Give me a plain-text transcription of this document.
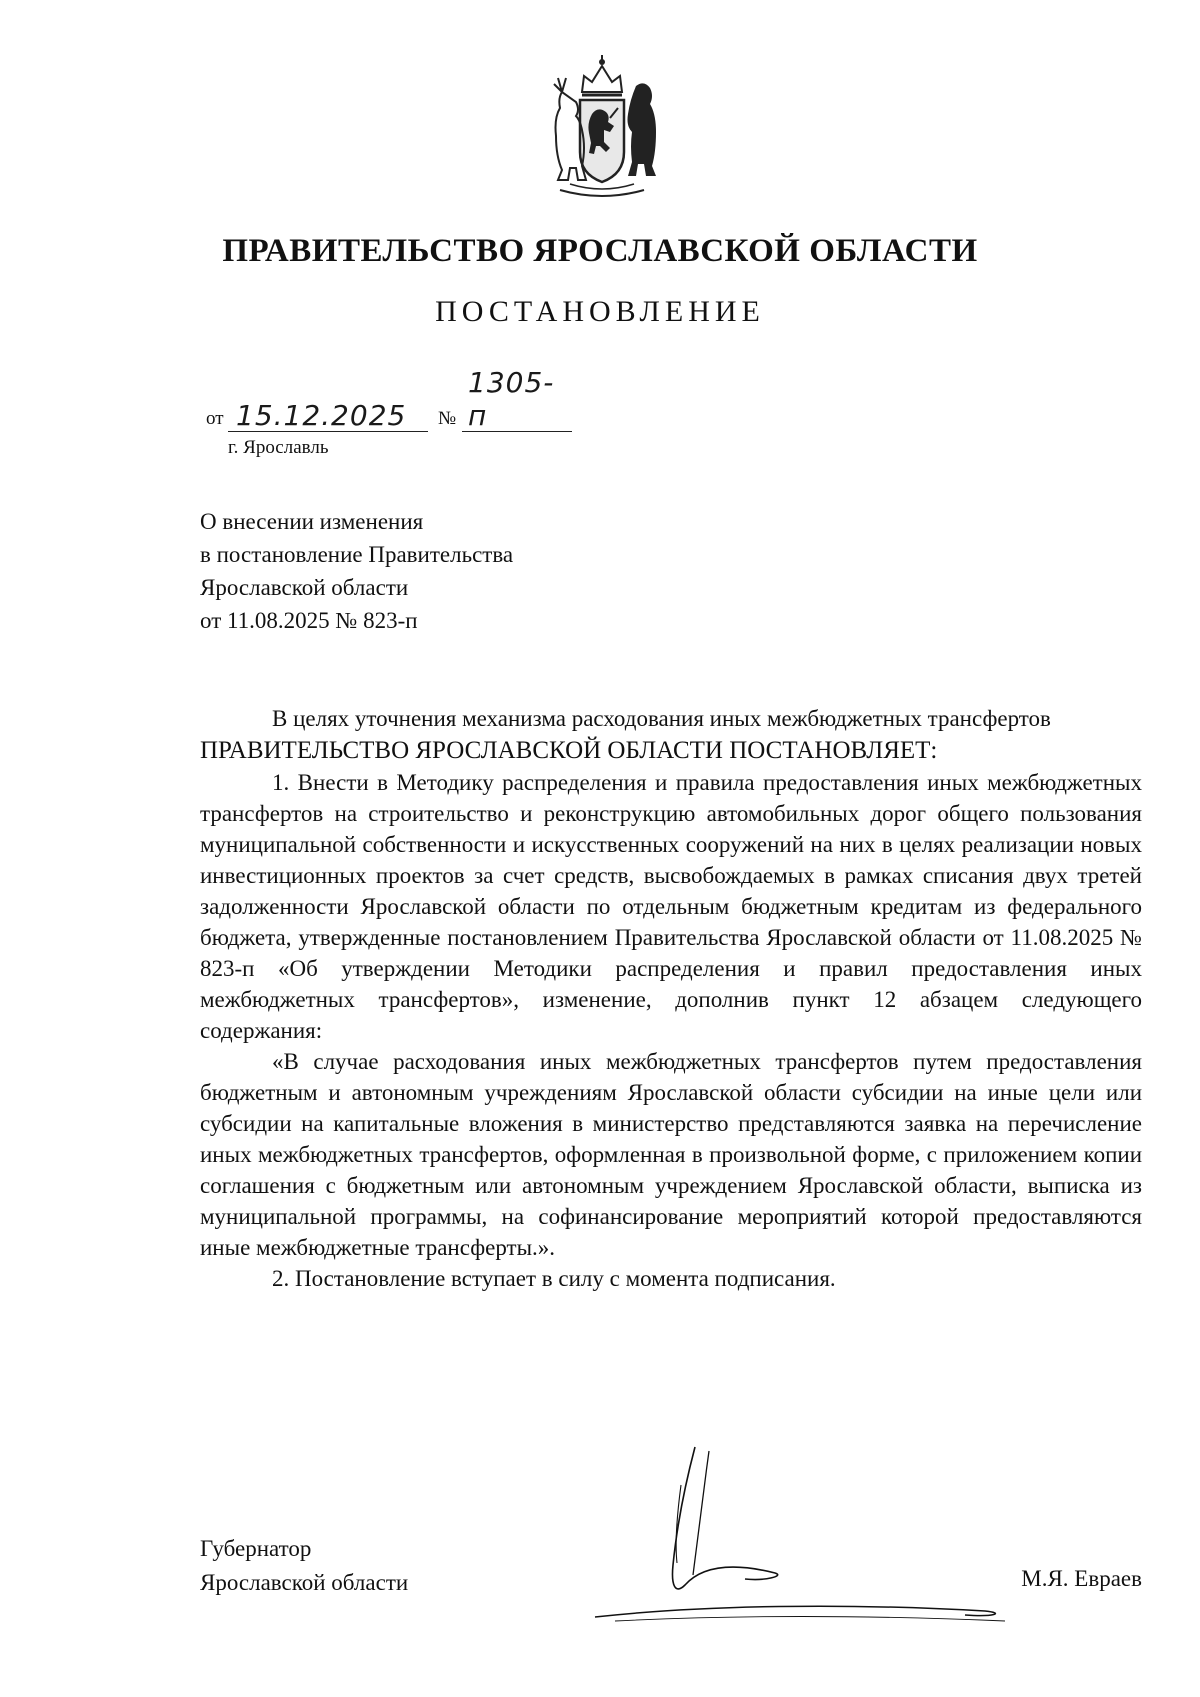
ПРАВИТЕЛЬСТВО ЯРОСЛАВСКОЙ ОБЛАСТИ
ПОСТАНОВЛЕНИЕ
от 15.12.2025 №
1305-п
г. Ярославль
О внесении изменения
в постановление Правительства
Ярославской области
от 11.08.2025 № 823-п

В целях уточнения механизма расходования иных межбюджетных трансфертов

ПРАВИТЕЛЬСТВО ЯРОСЛАВСКОЙ ОБЛАСТИ ПОСТАНОВЛЯЕТ:

1. Внести в Методику распределения и правила предоставления иных межбюджетных трансфертов на строительство и реконструкцию автомобильных дорог общего пользования муниципальной собственности и искусственных сооружений на них в целях реализации новых инвестиционных проектов за счет средств, высвобождаемых в рамках списания двух третей задолженности Ярославской области по отдельным бюджетным кредитам из федерального бюджета, утвержденные постановлением Правительства Ярославской области от 11.08.2025 № 823-п «Об утверждении Методики распределения и правил предоставления иных межбюджетных трансфертов», изменение, дополнив пункт 12 абзацем следующего содержания:

«В случае расходования иных межбюджетных трансфертов путем предоставления бюджетным и автономным учреждениям Ярославской области субсидии на иные цели или субсидии на капитальные вложения в министерство представляются заявка на перечисление иных межбюджетных трансфертов, оформленная в произвольной форме, с приложением копии соглашения с бюджетным или автономным учреждением Ярославской области, выписка из муниципальной программы, на софинансирование мероприятий которой предоставляются иные межбюджетные трансферты.».

2. Постановление вступает в силу с момента подписания.

Губернатор
Ярославской области	М.Я. Евраев
